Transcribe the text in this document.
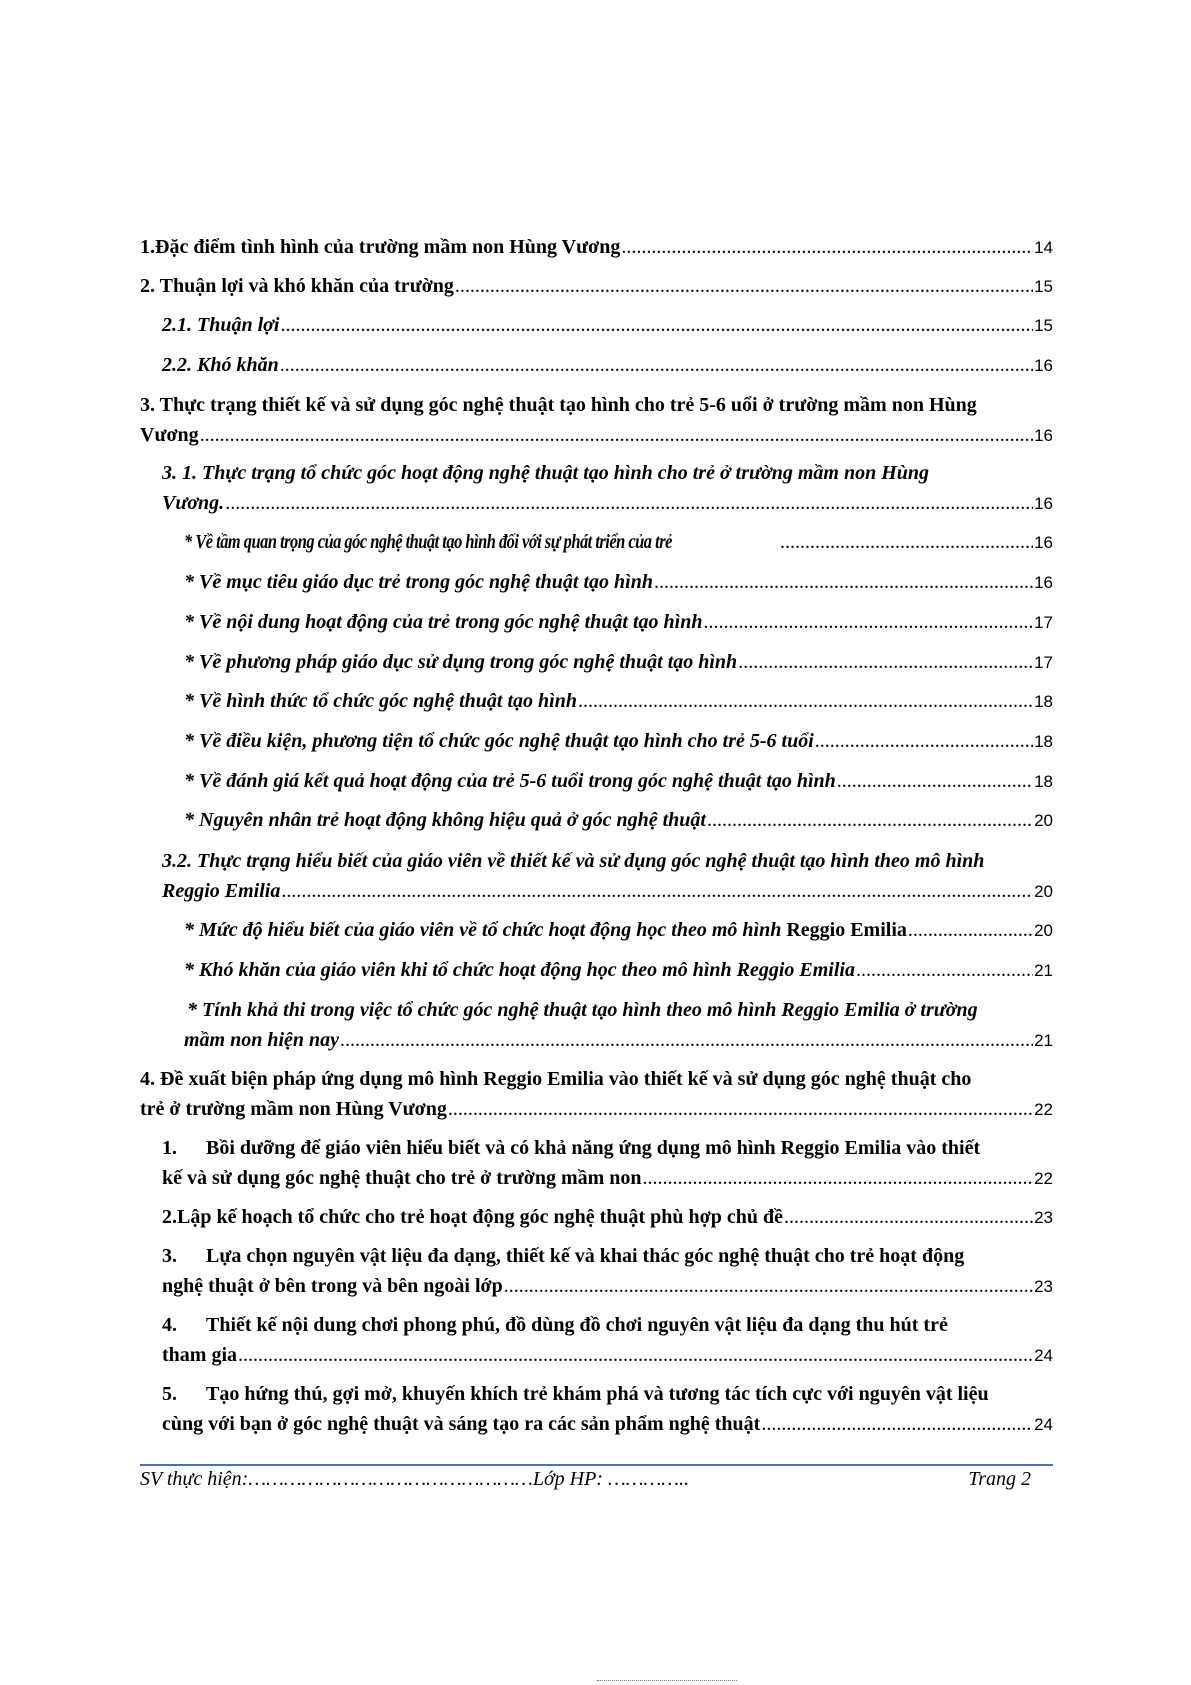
1. Đặc điểm tình hình của trường mầm non Hùng Vương .....	14
2. Thuận lợi và khó khăn của trường .....	15
2.1. Thuận lợi .....	15
2.2. Khó khăn .....	16
3. Thực trạng thiết kế và sử dụng góc nghệ thuật tạo hình cho trẻ 5-6 uổi ở trường mầm non Hùng
Vương .....	16
3. 1. Thực trạng tổ chức góc hoạt động nghệ thuật tạo hình cho trẻ ở trường mầm non Hùng
Vương. .....	16
* Về tầm quan trọng của góc nghệ thuật tạo hình đối với sự phát triển của trẻ .....	16
* Về mục tiêu giáo dục trẻ trong góc nghệ thuật tạo hình .....	16
* Về nội dung hoạt động của trẻ trong góc nghệ thuật tạo hình .....	17
* Về phương pháp giáo dục sử dụng trong góc nghệ thuật tạo hình .....	17
* Về hình thức tổ chức góc nghệ thuật tạo hình .....	18
* Về điều kiện, phương tiện tổ chức góc nghệ thuật tạo hình cho trẻ 5-6 tuổi .....	18
* Về đánh giá kết quả hoạt động của trẻ 5-6 tuổi trong góc nghệ thuật tạo hình .....	18
* Nguyên nhân trẻ hoạt động không hiệu quả ở góc nghệ thuật .....	20
3.2. Thực trạng hiểu biết của giáo viên về thiết kế và sử dụng góc nghệ thuật tạo hình theo mô hình
Reggio Emilia .....	20
* Mức độ hiểu biết của giáo viên về tổ chức hoạt động học theo mô hình Reggio Emilia .....	20
* Khó khăn của giáo viên khi tổ chức hoạt động học theo mô hình Reggio Emilia .....	21
* Tính khả thi trong việc tổ chức góc nghệ thuật tạo hình theo mô hình Reggio Emilia ở trường
mầm non hiện nay .....	21
4. Đề xuất biện pháp ứng dụng mô hình Reggio Emilia vào thiết kế và sử dụng góc nghệ thuật cho
trẻ ở trường mầm non Hùng Vương .....	22
1.	Bồi dưỡng để giáo viên hiểu biết và có khả năng ứng dụng mô hình Reggio Emilia vào thiết
kế và sử dụng góc nghệ thuật cho trẻ ở trường mầm non .....	22
2. Lập kế hoạch tổ chức cho trẻ hoạt động góc nghệ thuật phù hợp chủ đề .....	23
3.	Lựa chọn nguyên vật liệu đa dạng, thiết kế và khai thác góc nghệ thuật cho trẻ hoạt động
nghệ thuật ở bên trong và bên ngoài lớp .....	23
4.	Thiết kế nội dung chơi phong phú, đồ dùng đồ chơi nguyên vật liệu đa dạng thu hút trẻ
tham gia .....	24
5.	Tạo hứng thú, gợi mở, khuyến khích trẻ khám phá và tương tác tích cực với nguyên vật liệu
cùng với bạn ở góc nghệ thuật và sáng tạo ra các sản phẩm nghệ thuật .....	24
SV thực hiện:…………………………………………Lớp HP: …………..	Trang 2
